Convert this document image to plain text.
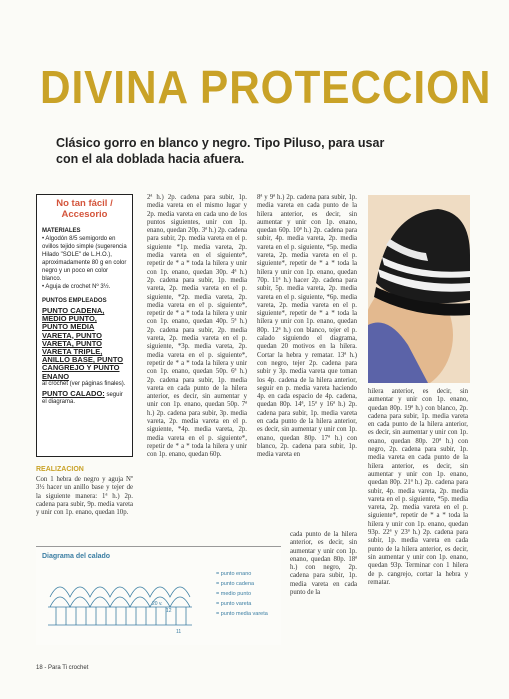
DIVINA PROTECCION
Clásico gorro en blanco y negro. Tipo Piluso, para usar con el ala doblada hacia afuera.
No tan fácil / Accesorio
MATERIALES

• Algodón 8/5 semigordo en ovillos tejido simple (sugerencia Hilado "SOLE" de L.H.O.), aproximadamente 80 g en color negro y un poco en color blanco.

• Aguja de crochet Nº 3½.

PUNTOS EMPLEADOS
PUNTO CADENA,
MEDIO PUNTO,
PUNTO MEDIA
VARETA, PUNTO
VARETA, PUNTO
VARETA TRIPLE,
ANILLO BASE, PUNTO
CANGREJO Y PUNTO
ENANO
al crochet (ver páginas finales).
PUNTO CALADO: seguir el diagrama.
REALIZACION
Con 1 hebra de negro y aguja Nº 3½ hacer un anillo base y tejer de la siguiente manera: 1ª h.) 2p. cadena para subir, 9p. media vareta y unir con 1p. enano, quedan 10p.
2ª h.) 2p. cadena para subir, 1p. media vareta en el mismo lugar y 2p. media vareta en cada uno de los puntos siguientes, unir con 1p. enano, quedan 20p. 3ª h.) 2p. cadena para subir, 2p. media vareta en el p. siguiente *1p. media vareta, 2p. media vareta en el siguiente*, repetir de * a * toda la hilera y unir con 1p. enano, quedan 30p. 4ª h.) 2p. cadena para subir, 1p. media vareta, 2p. media vareta en el p. siguiente, *2p. media vareta, 2p. media vareta en el p. siguiente*, repetir de * a * toda la hilera y unir con 1p. enano, quedan 40p. 5ª h.) 2p. cadena para subir, 2p. media vareta, 2p. media vareta en el p. siguiente, *3p. media vareta, 2p. media vareta en el p. siguiente*, repetir de * a * toda la hilera y unir con 1p. enano, quedan 50p. 6ª h.) 2p. cadena para subir, 1p. media vareta en cada punto de la hilera anterior, es decir, sin aumentar y unir con 1p. enano, quedan 50p. 7ª h.) 2p. cadena para subir, 3p. media vareta, 2p. media vareta en el p. siguiente, *4p. media vareta, 2p. media vareta en el p. siguiente*, repetir de * a * toda la hilera y unir con 1p. enano, quedan 60p.
8ª y 9ª h.) 2p. cadena para subir, 1p. media vareta en cada punto de la hilera anterior, es decir, sin aumentar y unir con 1p. enano, quedan 60p. 10ª h.) 2p. cadena para subir, 4p. media vareta, 2p. media vareta en el p. siguiente, *5p. media vareta, 2p. media vareta en el p. siguiente*, repetir de * a * toda la hilera y unir con 1p. enano, quedan 70p. 11ª h.) hacer 2p. cadena para subir, 5p. media vareta, 2p. media vareta en el p. siguiente, *6p. media vareta, 2p. media vareta en el p. siguiente*, repetir de * a * toda la hilera y unir con 1p. enano, quedan 80p. 12ª h.) con blanco, tejer el p. calado siguiendo el diagrama, quedan 20 motivos en la hilera. Cortar la hebra y rematar. 13ª h.) con negro, tejer 2p. cadena para subir y 3p. media vareta que toman los 4p. cadena de la hilera anterior, seguir en p. media vareta haciendo 4p. en cada espacio de 4p. cadena, quedan 80p. 14ª, 15ª y 16ª h.) 2p. cadena para subir, 1p. media vareta en cada punto de la hilera anterior, es decir, sin aumentar y unir con 1p. enano, quedan 80p. 17ª h.) con blanco, 2p. cadena para subir, 1p. media vareta en
cada punto de la hilera anterior, es decir, sin aumentar y unir con 1p. enano, quedan 80p. 18ª h.) con negro, 2p. cadena para subir, 1p. media vareta en cada punto de la
hilera anterior, es decir, sin aumentar y unir con 1p. enano, quedan 80p. 19ª h.) con blanco, 2p. cadena para subir, 1p. media vareta en cada punto de la hilera anterior, es decir, sin aumentar y unir con 1p. enano, quedan 80p. 20ª h.) con negro, 2p. cadena para subir, 1p. media vareta en cada punto de la hilera anterior, es decir, sin aumentar y unir con 1p. enano, quedan 80p. 21ª h.) 2p. cadena para subir, 4p. media vareta, 2p. media vareta en el p. siguiente, *5p. media vareta, 2p. media vareta en el p. siguiente*, repetir de * a * toda la hilera y unir con 1p. enano, quedan 93p. 22ª y 23ª h.) 2p. cadena para subir, 1p. media vareta en cada punto de la hilera anterior, es decir, sin aumentar y unir con 1p. enano, quedan 93p. Terminar con 1 hilera de p. cangrejo, cortar la hebra y rematar.
Diagrama del calado
12
11
20 v.
= punto enano
= punto cadena
= medio punto
= punto vareta
= punto media vareta
18 - Para Ti crochet
